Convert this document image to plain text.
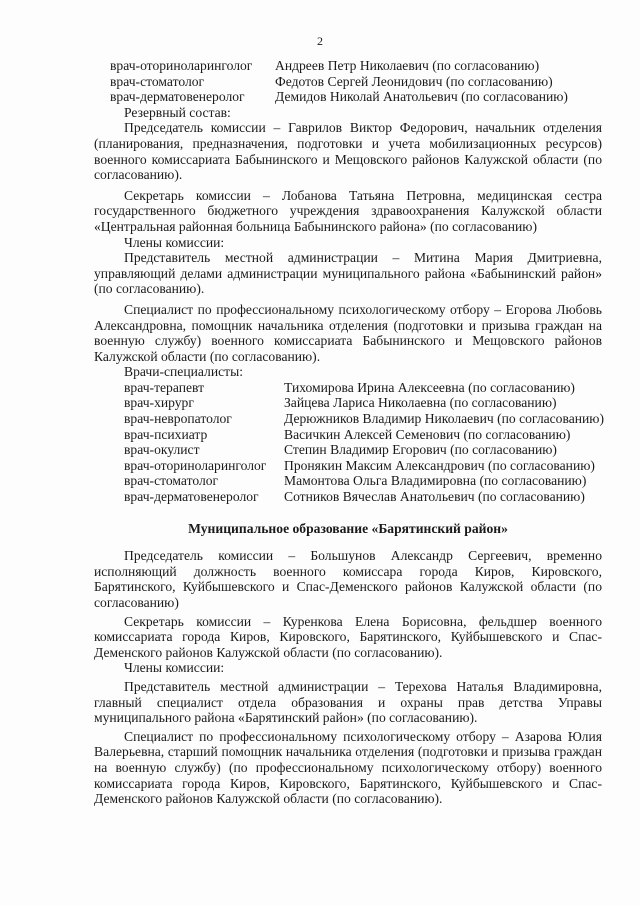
2
врач-оториноларинголог	Андреев Петр Николаевич (по согласованию)
врач-стоматолог	Федотов Сергей Леонидович (по согласованию)
врач-дерматовенеролог	Демидов Николай Анатольевич (по согласованию)
Резервный состав:

Председатель комиссии – Гаврилов Виктор Федорович, начальник отделения (планирования, предназначения, подготовки и учета мобилизационных ресурсов) военного комиссариата Бабынинского и Мещовского районов Калужской области (по согласованию).

Секретарь комиссии – Лобанова Татьяна Петровна, медицинская сестра государственного бюджетного учреждения здравоохранения Калужской области «Центральная районная больница Бабынинского района» (по согласованию)

Члены комиссии:

Представитель местной администрации – Митина Мария Дмитриевна, управляющий делами администрации муниципального района «Бабынинский район» (по согласованию).

Специалист по профессиональному психологическому отбору – Егорова Любовь Александровна, помощник начальника отделения (подготовки и призыва граждан на военную службу) военного комиссариата Бабынинского и Мещовского районов Калужской области (по согласованию).

Врачи-специалисты:
врач-терапевт	Тихомирова Ирина Алексеевна (по согласованию)
врач-хирург	Зайцева Лариса Николаевна (по согласованию)
врач-невропатолог	Дерюжников Владимир Николаевич (по согласованию)
врач-психиатр	Васичкин Алексей Семенович (по согласованию)
врач-окулист	Степин Владимир Егорович (по согласованию)
врач-оториноларинголог	Пронякин Максим Александрович (по согласованию)
врач-стоматолог	Мамонтова Ольга Владимировна (по согласованию)
врач-дерматовенеролог	Сотников Вячеслав Анатольевич (по согласованию)
Муниципальное образование «Барятинский район»

Председатель комиссии – Большунов Александр Сергеевич, временно исполняющий должность военного комиссара города Киров, Кировского, Барятинского, Куйбышевского и Спас-Деменского районов Калужской области (по согласованию)

Секретарь комиссии – Куренкова Елена Борисовна, фельдшер военного комиссариата города Киров, Кировского, Барятинского, Куйбышевского и Спас-Деменского районов Калужской области (по согласованию).

Члены комиссии:

Представитель местной администрации – Терехова Наталья Владимировна, главный специалист отдела образования и охраны прав детства Управы муниципального района «Барятинский район» (по согласованию).

Специалист по профессиональному психологическому отбору – Азарова Юлия Валерьевна, старший помощник начальника отделения (подготовки и призыва граждан на военную службу) (по профессиональному психологическому отбору) военного комиссариата города Киров, Кировского, Барятинского, Куйбышевского и Спас-Деменского районов Калужской области (по согласованию).
